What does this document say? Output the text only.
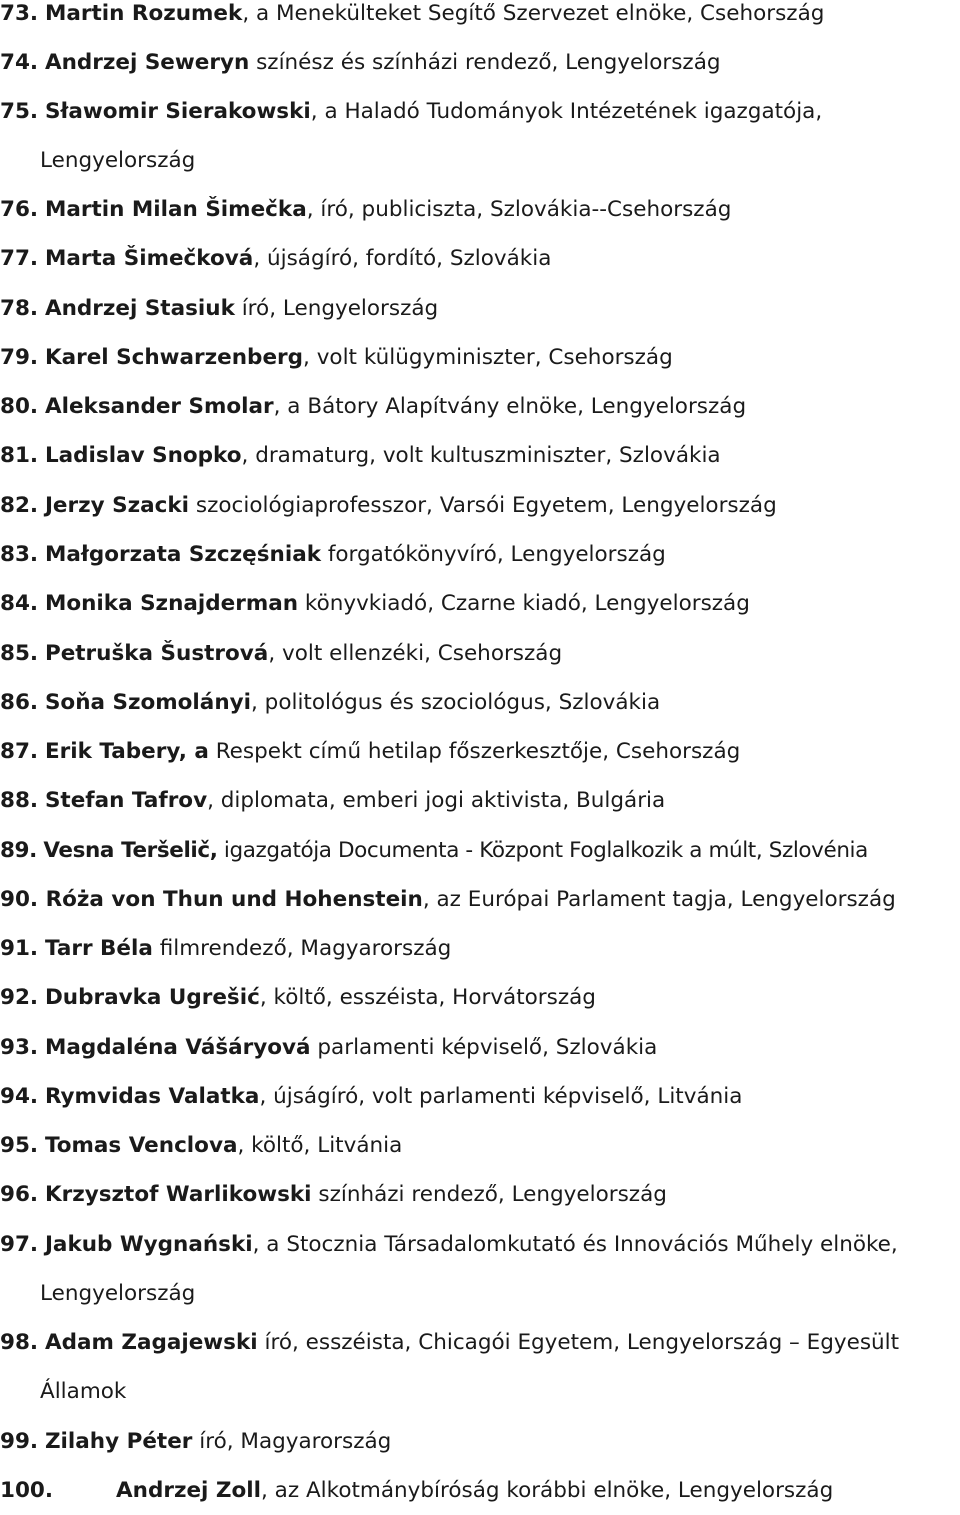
73. Martin Rozumek, a Menekülteket Segítő Szervezet elnöke, Csehország
74. Andrzej Seweryn színész és színházi rendező, Lengyelország
75. Sławomir Sierakowski, a Haladó Tudományok Intézetének igazgatója,
Lengyelország
76. Martin Milan Šimečka, író, publicisztа, Szlovákia--Csehország
77. Marta Šimečková, újságíró, fordító, Szlovákia
78. Andrzej Stasiuk író, Lengyelország
79. Karel Schwarzenberg, volt külügyminiszter, Csehország
80. Aleksander Smolar, a Bátory Alapítvány elnöke, Lengyelország
81. Ladislav Snopko, dramaturg, volt kultuszminiszter, Szlovákia
82. Jerzy Szacki szociológiaprofesszor, Varsói Egyetem, Lengyelország
83. Małgorzata Szczęśniak forgatókönyvíró, Lengyelország
84. Monika Sznajderman könyvkiadó, Czarne kiadó, Lengyelország
85. Petruška Šustrová, volt ellenzéki, Csehország
86. Soňa Szomolányi, politológus és szociológus, Szlovákia
87. Erik Tabery, a Respekt című hetilap főszerkesztője, Csehország
88. Stefan Tafrov, diplomata, emberi jogi aktivista, Bulgária
89. Vesna Teršelič, igazgatója Documenta - Központ Foglalkozik a múlt, Szlovénia
90. Róża von Thun und Hohenstein, az Európai Parlament tagja, Lengyelország
91. Tarr Béla filmrendező, Magyarország
92. Dubravka Ugrešić, költő, esszéista, Horvátország
93. Magdaléna Vášáryová parlamenti képviselő, Szlovákia
94. Rymvidas Valatka, újságíró, volt parlamenti képviselő, Litvánia
95. Tomas Venclova, költő, Litvánia
96. Krzysztof Warlikowski színházi rendező, Lengyelország
97. Jakub Wygnański, a Stocznia Társadalomkutató és Innovációs Műhely elnöke,
Lengyelország
98. Adam Zagajewski író, esszéista, Chicagói Egyetem, Lengyelország – Egyesült
Államok
99. Zilahy Péter író, Magyarország
100.	Andrzej Zoll, az Alkotmánybíróság korábbi elnöke, Lengyelország
